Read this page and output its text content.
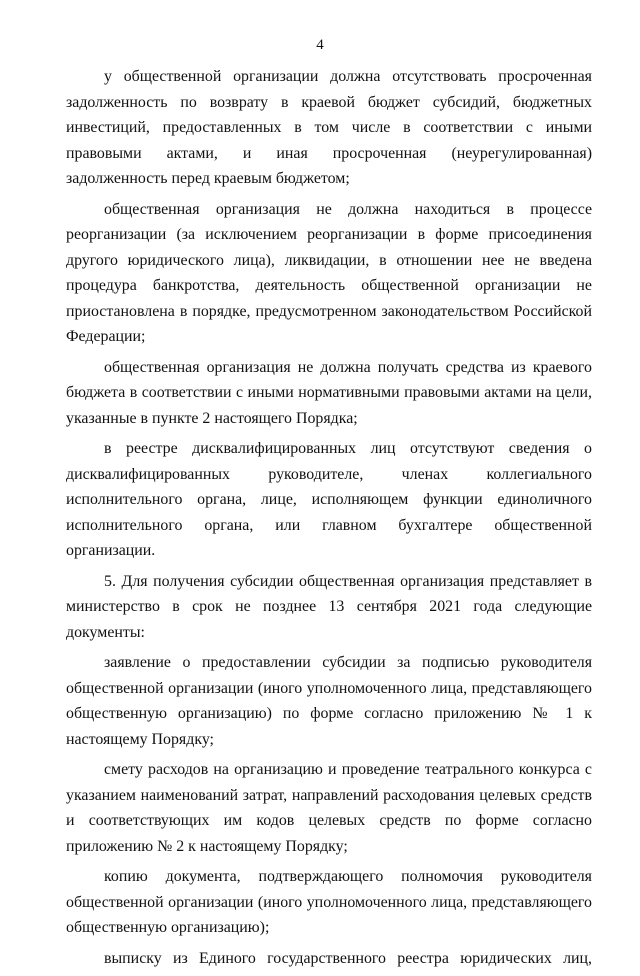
4

у общественной организации должна отсутствовать просроченная задолженность по возврату в краевой бюджет субсидий, бюджетных инвестиций, предоставленных в том числе в соответствии с иными правовыми актами, и иная просроченная (неурегулированная) задолженность перед краевым бюджетом;

общественная организация не должна находиться в процессе реорганизации (за исключением реорганизации в форме присоединения другого юридического лица), ликвидации, в отношении нее не введена процедура банкротства, деятельность общественной организации не приостановлена в порядке, предусмотренном законодательством Российской Федерации;

общественная организация не должна получать средства из краевого бюджета в соответствии с иными нормативными правовыми актами на цели, указанные в пункте 2 настоящего Порядка;

в реестре дисквалифицированных лиц отсутствуют сведения о дисквалифицированных руководителе, членах коллегиального исполнительного органа, лице, исполняющем функции единоличного исполнительного органа, или главном бухгалтере общественной организации.

5. Для получения субсидии общественная организация представляет в министерство в срок не позднее 13 сентября 2021 года следующие документы:

заявление о предоставлении субсидии за подписью руководителя общественной организации (иного уполномоченного лица, представляющего общественную организацию) по форме согласно приложению № 1 к настоящему Порядку;

смету расходов на организацию и проведение театрального конкурса с указанием наименований затрат, направлений расходования целевых средств и соответствующих им кодов целевых средств по форме согласно приложению № 2 к настоящему Порядку;

копию документа, подтверждающего полномочия руководителя общественной организации (иного уполномоченного лица, представляющего общественную организацию);

выписку из Единого государственного реестра юридических лиц,
